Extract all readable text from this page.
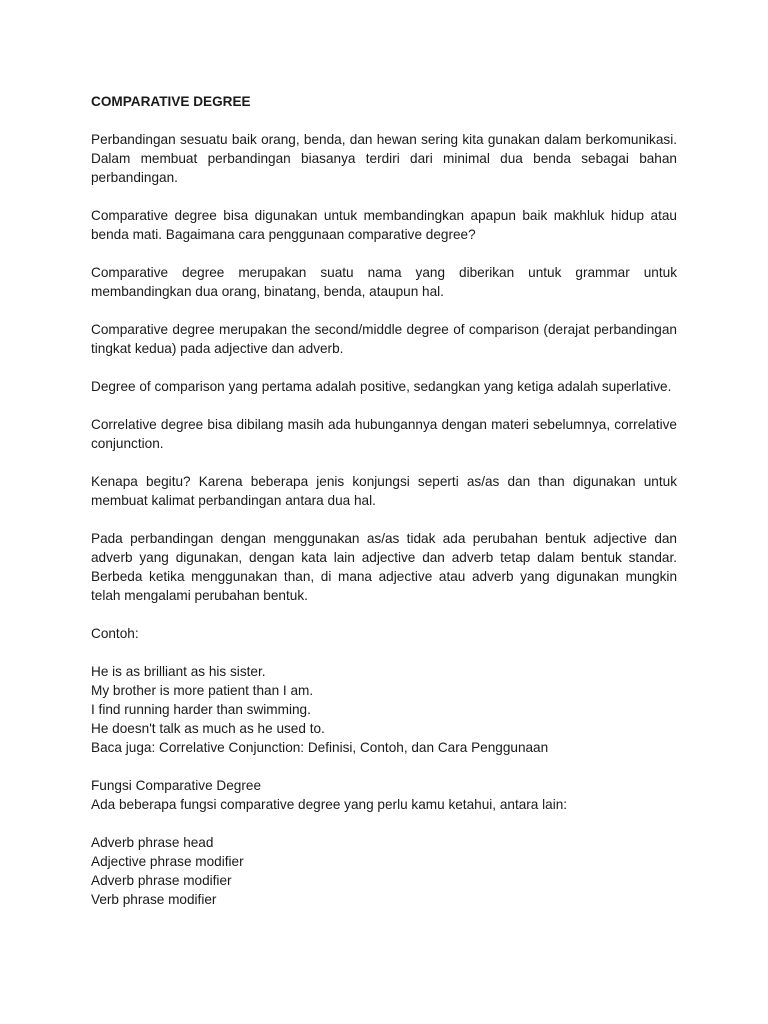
COMPARATIVE DEGREE

Perbandingan sesuatu baik orang, benda, dan hewan sering kita gunakan dalam berkomunikasi. Dalam membuat perbandingan biasanya terdiri dari minimal dua benda sebagai bahan perbandingan.

Comparative degree bisa digunakan untuk membandingkan apapun baik makhluk hidup atau benda mati. Bagaimana cara penggunaan comparative degree?

Comparative degree merupakan suatu nama yang diberikan untuk grammar untuk membandingkan dua orang, binatang, benda, ataupun hal.

Comparative degree merupakan the second/middle degree of comparison (derajat perbandingan tingkat kedua) pada adjective dan adverb.

Degree of comparison yang pertama adalah positive, sedangkan yang ketiga adalah superlative.

Correlative degree bisa dibilang masih ada hubungannya dengan materi sebelumnya, correlative conjunction.

Kenapa begitu? Karena beberapa jenis konjungsi seperti as/as dan than digunakan untuk membuat kalimat perbandingan antara dua hal.

Pada perbandingan dengan menggunakan as/as tidak ada perubahan bentuk adjective dan adverb yang digunakan, dengan kata lain adjective dan adverb tetap dalam bentuk standar. Berbeda ketika menggunakan than, di mana adjective atau adverb yang digunakan mungkin telah mengalami perubahan bentuk.

Contoh:

He is as brilliant as his sister.
My brother is more patient than I am.
I find running harder than swimming.
He doesn't talk as much as he used to.
Baca juga: Correlative Conjunction: Definisi, Contoh, dan Cara Penggunaan
Fungsi Comparative Degree
Ada beberapa fungsi comparative degree yang perlu kamu ketahui, antara lain:
Adverb phrase head
Adjective phrase modifier
Adverb phrase modifier
Verb phrase modifier
